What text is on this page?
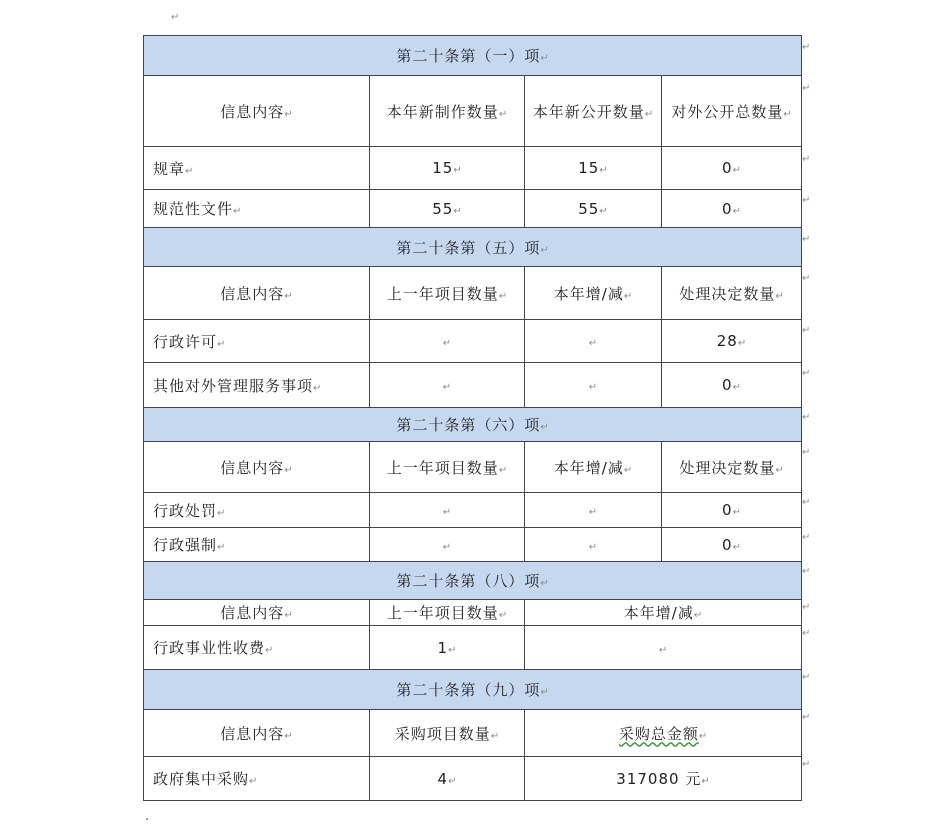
↵
第二十条第（一）项↵			
信息内容↵	本年新制作数量↵	本年新公开数量↵	对外公开总数量↵
规章↵	15↵	15↵	0↵
规范性文件↵	55↵	55↵	0↵
第二十条第（五）项↵			
信息内容↵	上一年项目数量↵	本年增/减↵	处理决定数量↵
行政许可↵	↵	↵	28↵
其他对外管理服务事项↵	↵	↵	0↵
第二十条第（六）项↵			
信息内容↵	上一年项目数量↵	本年增/减↵	处理决定数量↵
行政处罚↵	↵	↵	0↵
行政强制↵	↵	↵	0↵
第二十条第（八）项↵			
信息内容↵	上一年项目数量↵	本年增/减↵	
行政事业性收费↵	1↵	↵	
第二十条第（九）项↵			
信息内容↵	采购项目数量↵	采购总金额↵	
政府集中采购↵	4↵	317080 元↵	
↵
↵
↵
↵
↵
↵
↵
↵
↵
↵
↵
↵
↵
↵
↵
↵
↵
↵
